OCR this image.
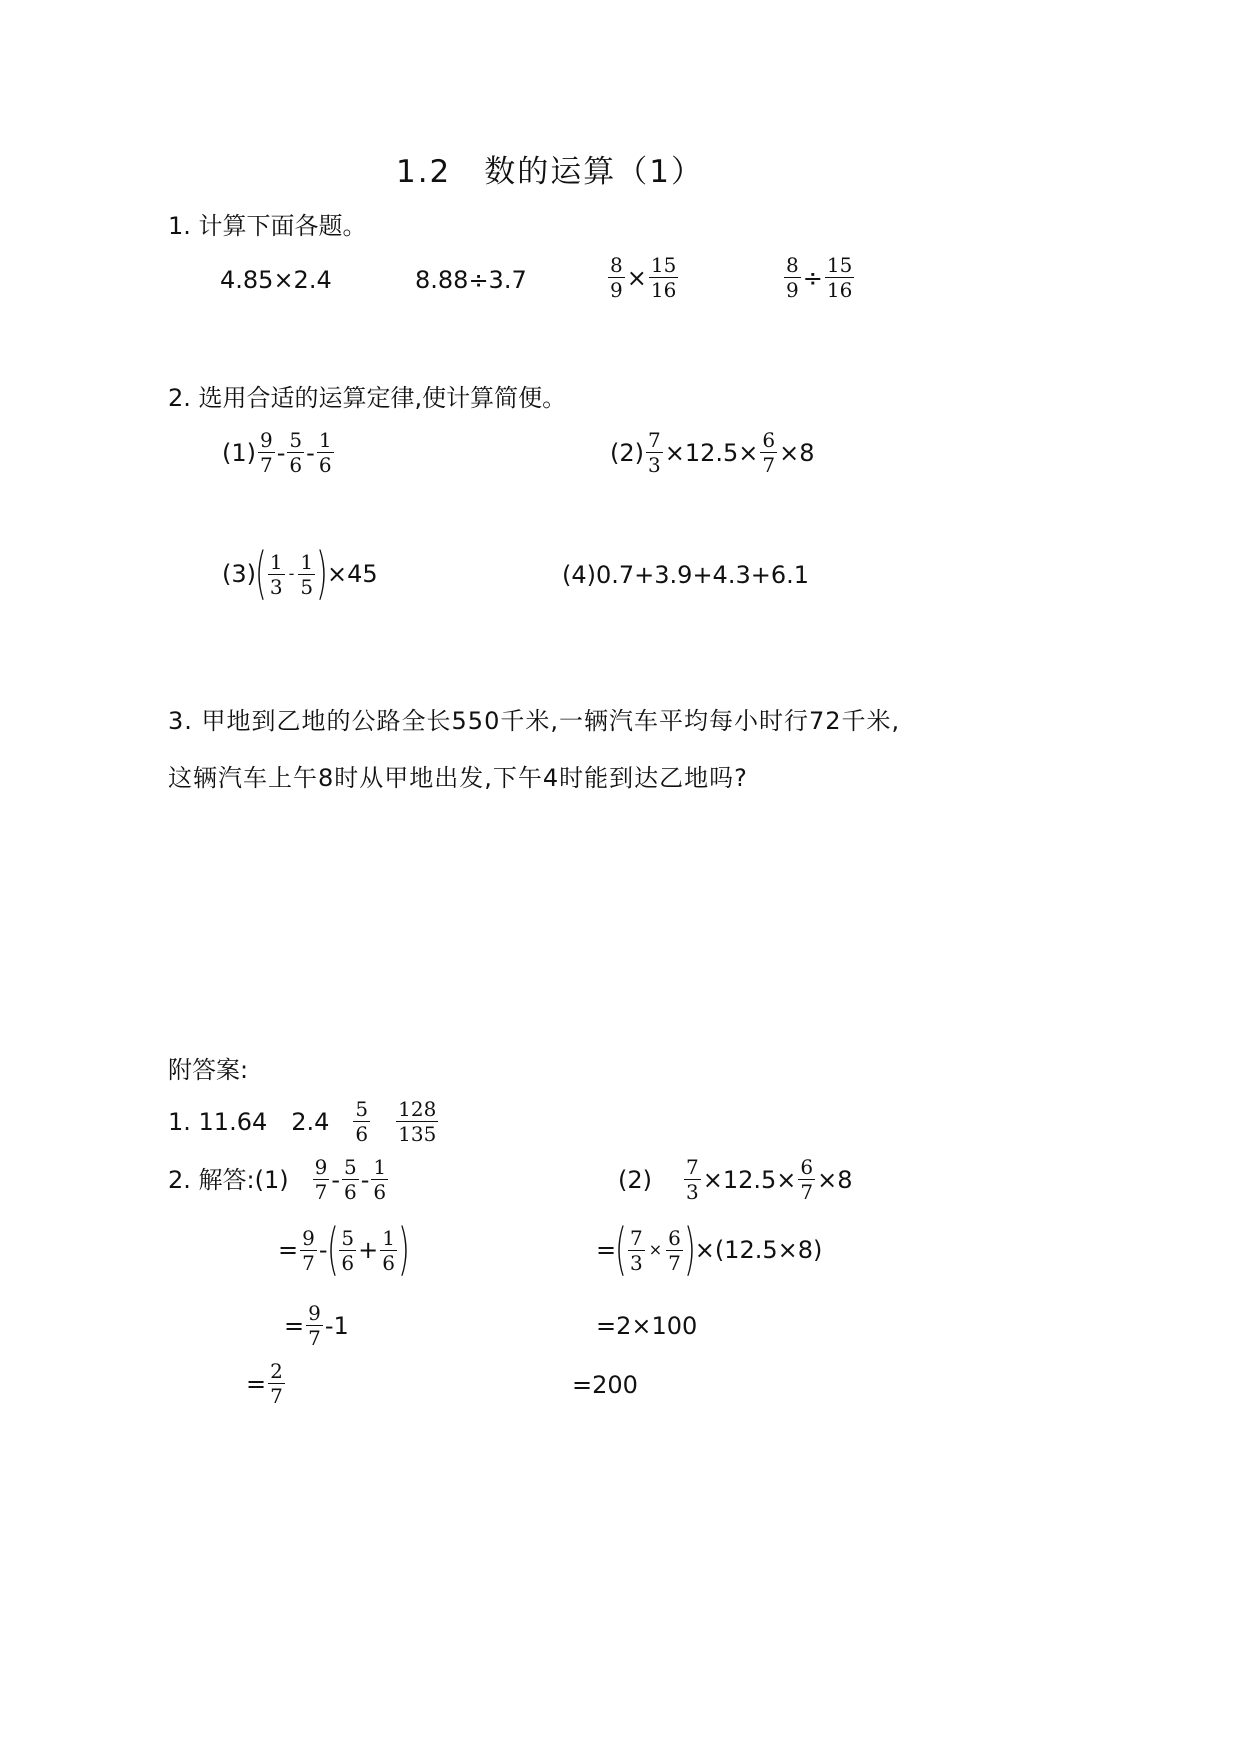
1.2　数的运算（1）
1. 计算下面各题。
4.85×2.4	8.88÷3.7	$\frac{8}{9} \times \frac{15}{16}$	$\frac{8}{9} \div \frac{15}{16}$
2. 选用合适的运算定律,使计算简便。
$(1) \frac{9}{7} - \frac{5}{6} - \frac{1}{6}$	$(2) \frac{7}{3} \times 12.5\times \frac{6}{7} \times 8$
(3)
( $\frac{1}{3} - \frac{1}{5}$ )
×45	(4) 0.7+3.9+4.3+6.1
3. 甲地到乙地的公路全长550千米,一辆汽车平均每小时行72千米,
这辆汽车上午8时从甲地出发,下午4时能到达乙地吗?
附答案:
1. 11.64　$2.4 \frac{5}{6} \frac{128}{135}$
2. 解答:(1) $\frac{9}{7} - \frac{5}{6} - \frac{1}{6}$
= $\frac{9}{7}$ -
( $\frac{5}{6} + \frac{1}{6}$ )
= $\frac{9}{7} -1$
= $\frac{2}{7}$
$(2) \frac{7}{3} \times 12.5\times \frac{6}{7} \times 8$
=
( $\frac{7}{3} \times \frac{6}{7}$ )
×(12.5×8)
=2×100
=200
